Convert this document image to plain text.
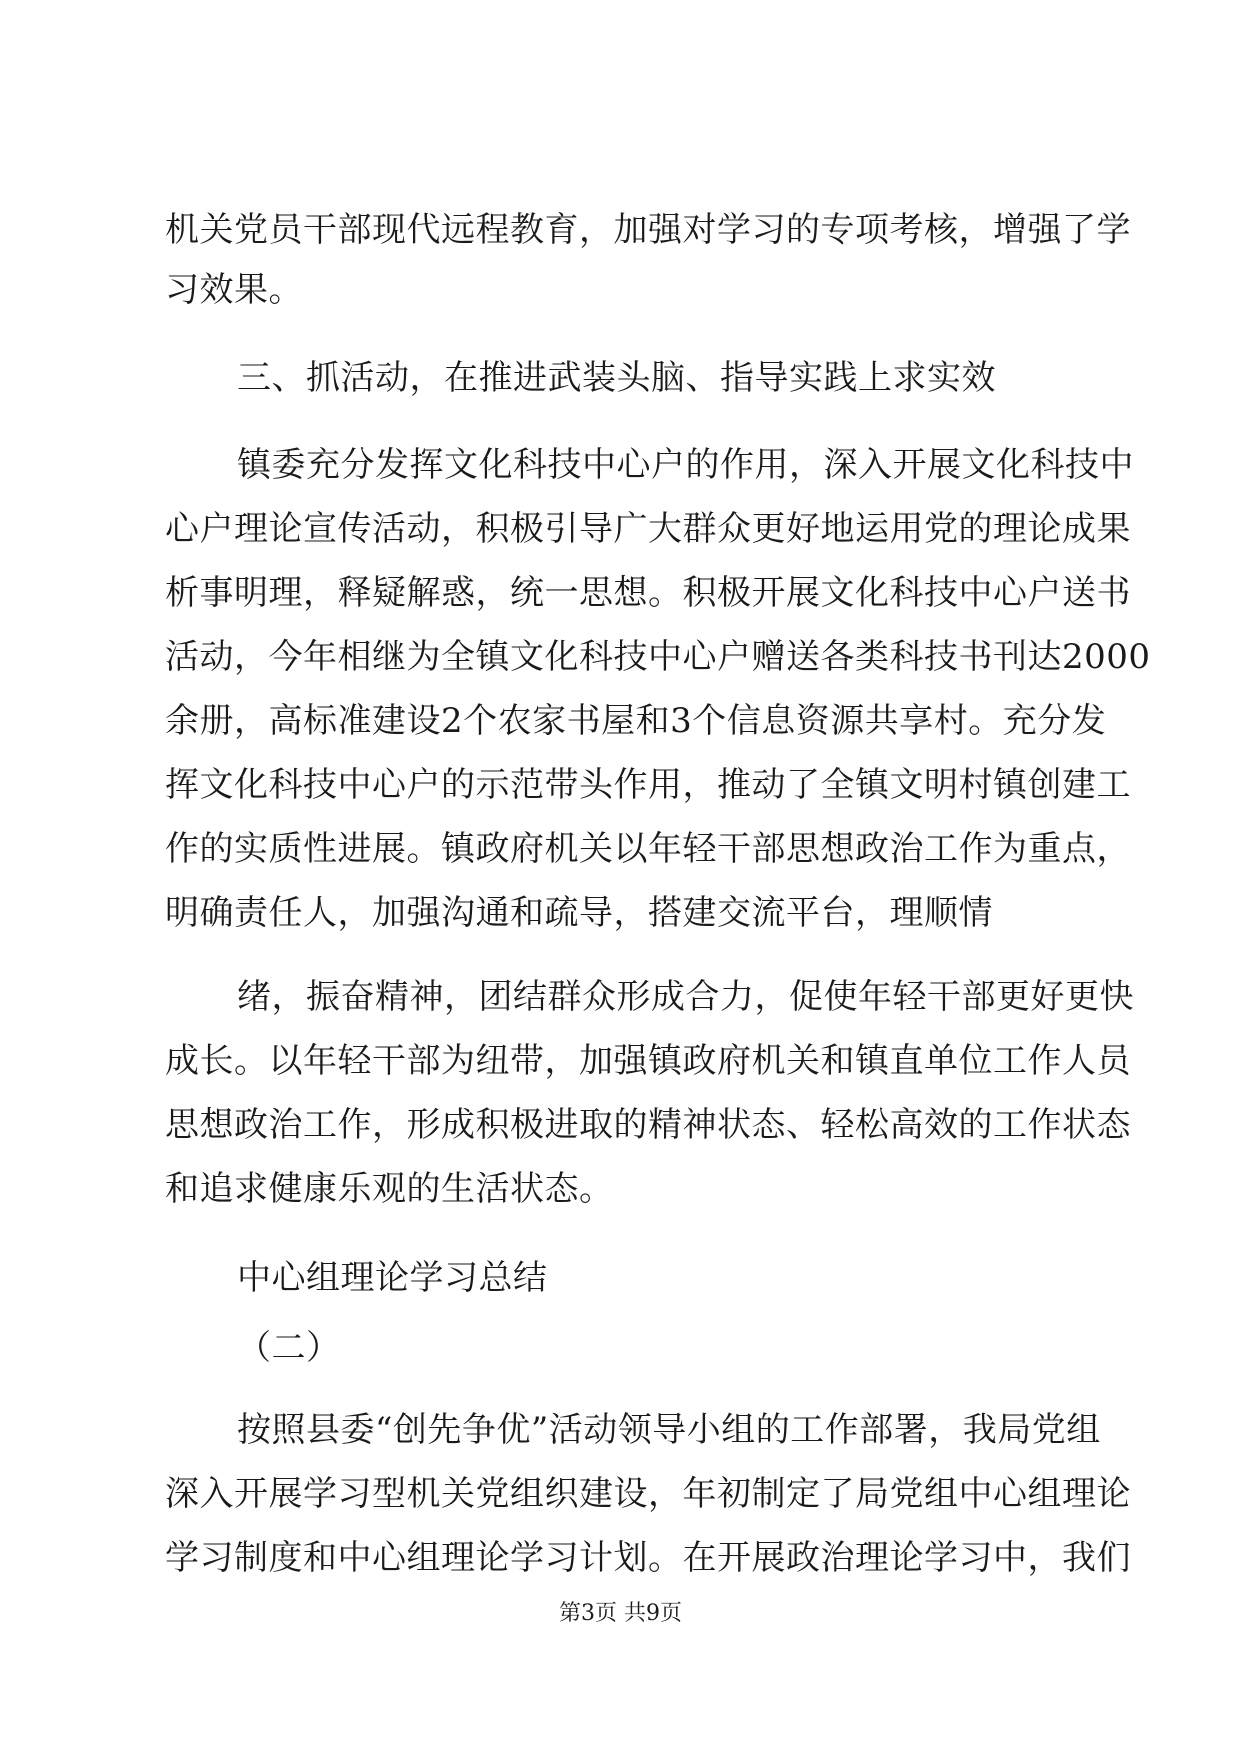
机关党员干部现代远程教育，加强对学习的专项考核，增强了学
习效果。
三、抓活动，在推进武装头脑、指导实践上求实效
镇委充分发挥文化科技中心户的作用，深入开展文化科技中
心户理论宣传活动，积极引导广大群众更好地运用党的理论成果
析事明理，释疑解惑，统一思想。积极开展文化科技中心户送书
活动，今年相继为全镇文化科技中心户赠送各类科技书刊达2000
余册，高标准建设2个农家书屋和3个信息资源共享村。充分发
挥文化科技中心户的示范带头作用，推动了全镇文明村镇创建工
作的实质性进展。镇政府机关以年轻干部思想政治工作为重点，
明确责任人，加强沟通和疏导，搭建交流平台，理顺情
绪，振奋精神，团结群众形成合力，促使年轻干部更好更快
成长。以年轻干部为纽带，加强镇政府机关和镇直单位工作人员
思想政治工作，形成积极进取的精神状态、轻松高效的工作状态
和追求健康乐观的生活状态。
中心组理论学习总结
（二）
按照县委“创先争优”活动领导小组的工作部署，我局党组
深入开展学习型机关党组织建设，年初制定了局党组中心组理论
学习制度和中心组理论学习计划。在开展政治理论学习中，我们
第3页 共9页
